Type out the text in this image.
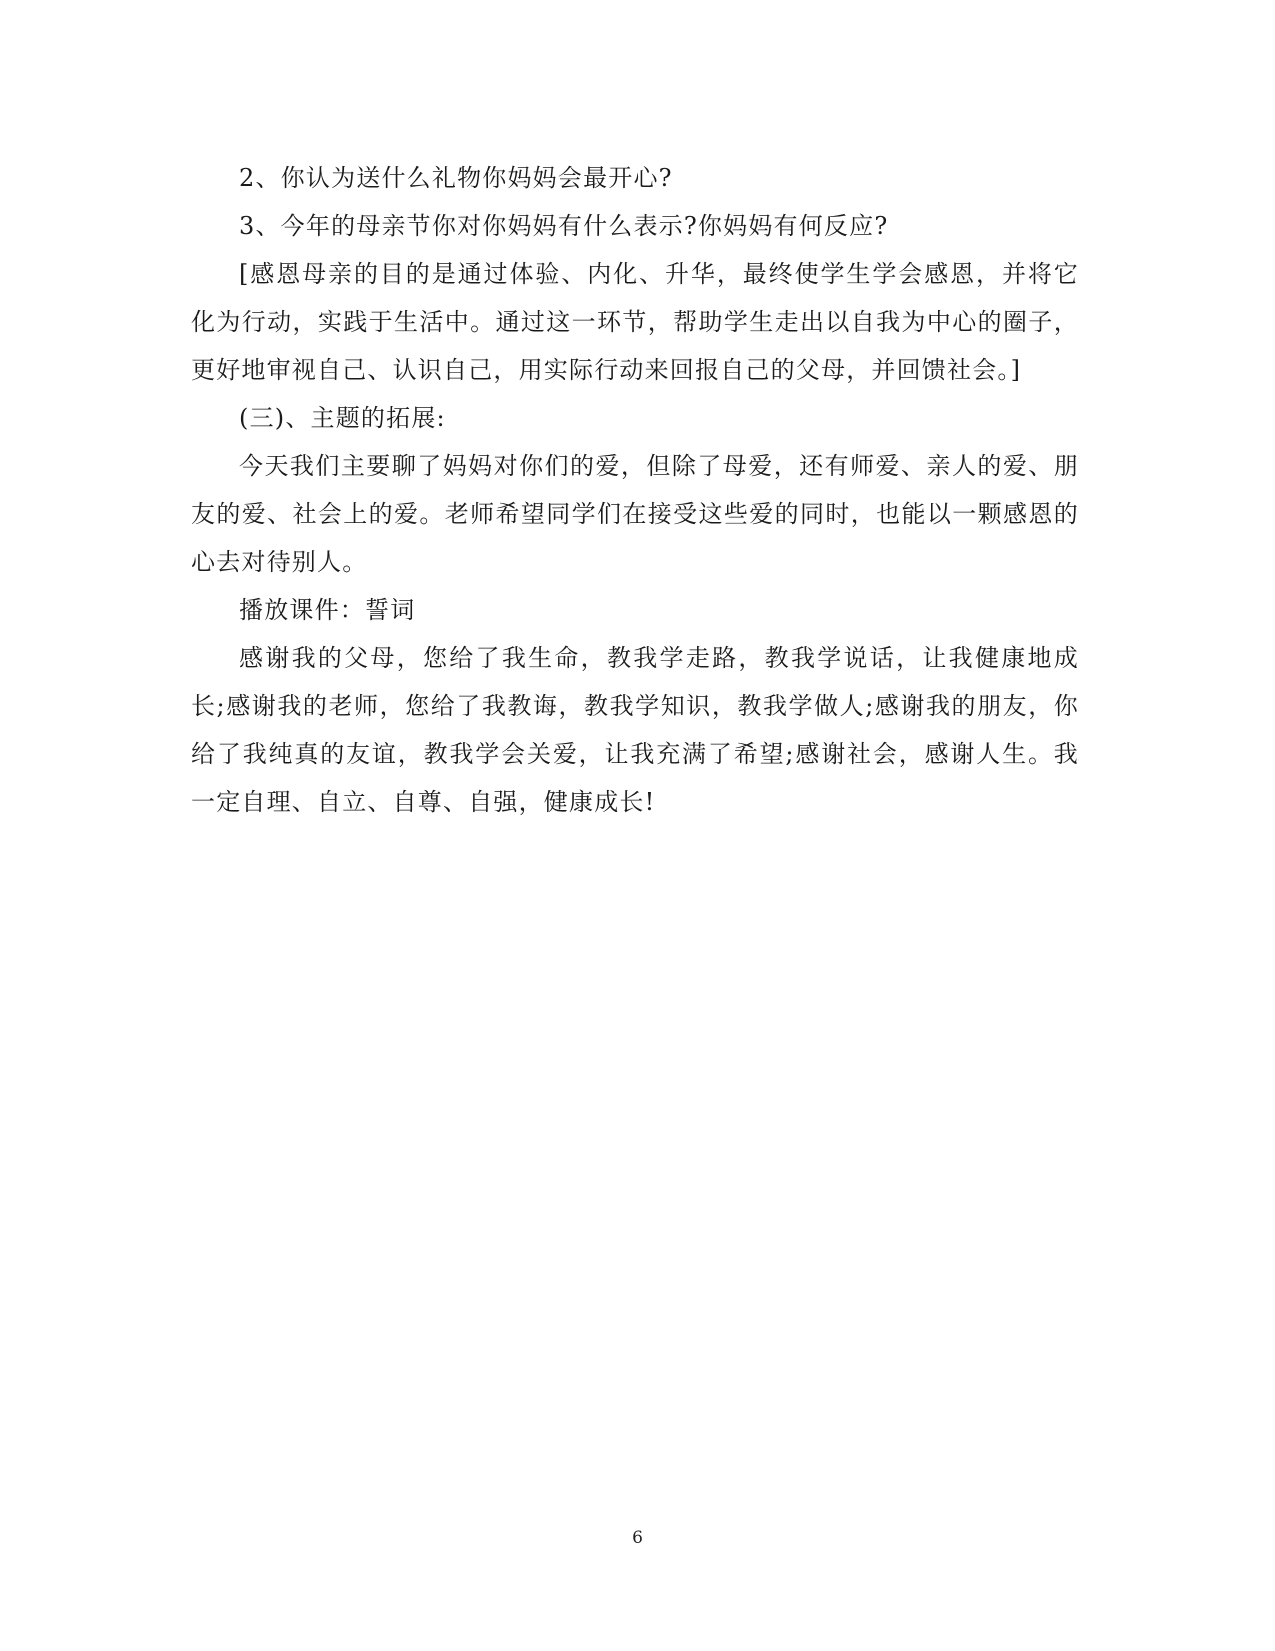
2、你认为送什么礼物你妈妈会最开心?

3、今年的母亲节你对你妈妈有什么表示?你妈妈有何反应?

[感恩母亲的目的是通过体验、内化、升华，最终使学生学会感恩，并将它化为行动，实践于生活中。通过这一环节，帮助学生走出以自我为中心的圈子，更好地审视自己、认识自己，用实际行动来回报自己的父母，并回馈社会。]

(三)、主题的拓展:

今天我们主要聊了妈妈对你们的爱，但除了母爱，还有师爱、亲人的爱、朋友的爱、社会上的爱。老师希望同学们在接受这些爱的同时，也能以一颗感恩的心去对待别人。

播放课件：誓词

感谢我的父母，您给了我生命，教我学走路，教我学说话，让我健康地成长;感谢我的老师，您给了我教诲，教我学知识，教我学做人;感谢我的朋友，你给了我纯真的友谊，教我学会关爱，让我充满了希望;感谢社会，感谢人生。我一定自理、自立、自尊、自强，健康成长!

6
